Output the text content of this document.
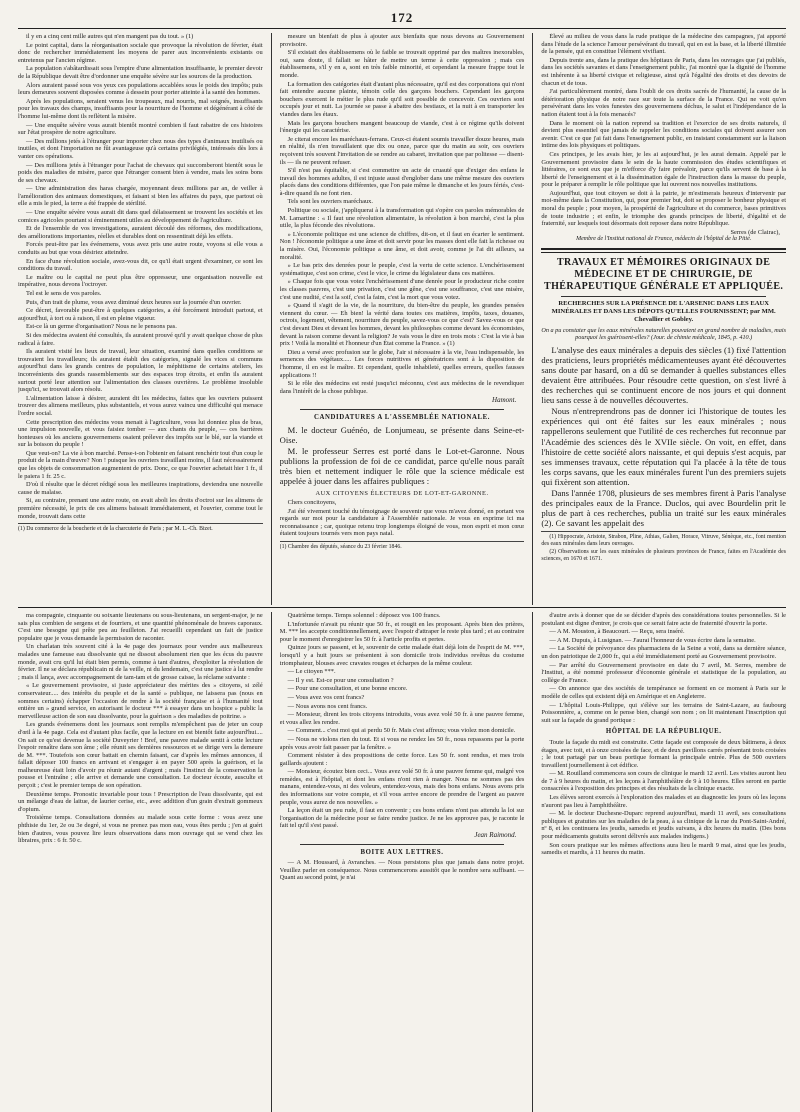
172

il y en a cinq cent mille autres qui n'en mangent pas du tout. » (1)

Le point capital, dans la réorganisation sociale que provoque la révolution de février, était donc de rechercher immédiatement les moyens de parer aux inconvénients existants ou entretenus par l'ancien régime.

La population s'abâtardissait sous l'empire d'une alimentation insuffisante, le premier devoir de la République devait être d'ordonner une enquête sévère sur les sources de la production.

Alors auraient passé sous vos yeux ces populations accablées sous le poids des impôts; puis leurs demeures souvent disposées comme à dessein pour porter atteinte à la santé des hommes.

Après les populations, seraient venus les troupeaux, mal nourris, mal soignés, insuffisants pour les travaux des champs, insuffisants pour la nourriture de l'homme et dégénérant à côté de l'homme lui-même dont ils reflètent la misère.

— Une enquête sévère vous aurait bientôt montré combien il faut rabattre de ces histoires sur l'état prospère de notre agriculture.

— Des millions jetés à l'étranger pour importer chez nous des types d'animaux inutilisés ou inutiles, et dont l'importation ne fût avantageuse qu'à certains privilégiés, intéressés dès lors à vanter ces opérations.

— Des millions jetés à l'étranger pour l'achat de chevaux qui succomberont bientôt sous le poids des maladies de misère, parce que l'étranger consent bien à vendre, mais les soins bons de ses chevaux.

— Une administration des haras chargée, moyennant deux millions par an, de veiller à l'amélioration des animaux domestiques, et faisant si bien les affaires du pays, que partout où elle a mis le pied, la terre a été frappée de stérilité.

— Une enquête sévère vous aurait dit dans quel délaissement se trouvent les sociétés et les comices agricoles pourtant si éminemment utiles au développement de l'agriculture.

Et de l'ensemble de vos investigations, auraient découlé des réformes, des modifications, des améliorations importantes, réelles et durables dont on ressentirait déjà les effets.

Forcés peut-être par les événemens, vous avez pris une autre route, voyons si elle vous a conduits au but que vous désiriez atteindre.

En face d'une révolution sociale, avez-vous dit, ce qu'il était urgent d'examiner, ce sont les conditions du travail.

Le maître ou le capital ne peut plus être oppresseur, une organisation nouvelle est impérative, nous devons l'octroyer.

Tel est le sens de vos paroles.

Puis, d'un trait de plume, vous avez diminué deux heures sur la journée d'un ouvrier.

Ce décret, favorable peut-être à quelques catégories, a été forcément introduit partout, et aujourd'hui, à tort ou à raison, il est en pleine vigueur.

Est-ce là un germe d'organisation? Nous ne le pensons pas.

Si des médecins avaient été consultés, ils auraient prouvé qu'il y avait quelque chose de plus radical à faire.

Ils auraient visité les lieux de travail, leur situation, examiné dans quelles conditions se trouvaient les travailleurs; ils auraient établi des catégories, signalé les vices si communs aujourd'hui dans les grands centres de population, le méphitisme de certains ateliers, les inconvénients des grands rassemblements sur des espaces trop étroits, et enfin ils auraient surtout porté leur attention sur l'alimentation des classes ouvrières. Le problème insoluble jusqu'ici, se trouvait alors résolu.

L'alimentation laisse à désirer, auraient dit les médecins, faites que les ouvriers puissent trouver des alimens meilleurs, plus substantiels, et vous aurez vaincu une difficulté qui menace l'ordre social.

Cette prescription des médecins vous menait à l'agriculture, vous lui donniez plus de bras, une impulsion nouvelle, et vous faisiez tomber — aux chants du peuple, — ces barrières honteuses où les anciens gouvernemens osaient prélever des impôts sur le blé, sur la viande et sur la boisson du peuple !

Que veut-on? La vie à bon marché. Pense-t-on l'obtenir en faisant renchérir tout d'un coup le produit de la main d'œuvre? Non ! puisque les ouvriers travaillant moins, il faut nécessairement que les objets de consommation augmentent de prix. Donc, ce que l'ouvrier achetait hier 1 fr., il le paiera 1 fr. 25 c.

D'où il résulte que le décret rédigé sous les meilleures inspirations, deviendra une nouvelle cause de malaise.

Si, au contraire, prenant une autre route, on avait aboli les droits d'octroi sur les alimens de première nécessité, le prix de ces alimens baissait immédiatement, et l'ouvrier, comme tout le monde, trouvait dans cette

(1) Du commerce de la boucherie et de la charcuterie de Paris ; par M. L.-Ch. Bizet.

mesure un bienfait de plus à ajouter aux bienfaits que nous devons au Gouvernement provisoire.

S'il existait des établissemens où le faible se trouvait opprimé par des maîtres inexorables, oui, sans doute, il fallait se hâter de mettre un terme à cette oppression ; mais ces établissemens, s'il y en a, sont en très faible minorité, et cependant la mesure frappe tout le monde.

La formation des catégories était d'autant plus nécessaire, qu'il est des corporations qui n'ont fait entendre aucune plainte, témoin celle des garçons bouchers. Cependant les garçons bouchers exercent le métier le plus rude qu'il soit possible de concevoir. Ces ouvriers sont occupés jour et nuit. La journée se passe à abattre des bestiaux, et la nuit à en transporter les viandes dans les étaux.

Mais les garçons bouchers mangent beaucoup de viande, c'est à ce régime qu'ils doivent l'énergie qui les caractérise.

Je citerai encore les maréchaux-ferrans. Ceux-ci étaient soumis travailler douze heures, mais en réalité, ils n'en travaillaient que dix ou onze, parce que du matin au soir, ces ouvriers reçoivent très souvent l'invitation de se rendre au cabaret, invitation que par politesse — disent-ils — ils ne peuvent refuser.

S'il n'est pas équitable, si c'est commettre un acte de cruauté que d'exiger des enfans le travail des hommes adultes, il est injuste aussi d'englober dans une même mesure des ouvriers placés dans des conditions différentes, que l'on paie même le dimanche et les jours fériés, c'est-à-dire quand ils ne font rien.

Tels sont les ouvriers maréchaux.

Politique ou sociale, j'appliquerai à la transformation qui s'opère ces paroles mémorables de M. Lamartine : « Il faut une révolution alimentaire, la révolution à bon marché, c'est la plus utile, la plus féconde des révolutions.

» L'économie politique est une science de chiffres, dit-on, et il faut en écarter le sentiment. Non ! l'économie politique a une âme et doit servir pour les masses dont elle fait la richesse ou la misère. Oui, l'économie politique a une âme, et doit avoir, comme je l'ai dit ailleurs, sa moralité.

» Le bas prix des denrées pour le peuple, c'est la vertu de cette science. L'enchérissement systématique, c'est son crime, c'est le vice, le crime du législateur dans ces matières.

» Chaque fois que vous votez l'enchérissement d'une denrée pour le producteur riche contre les classes pauvres, c'est une privation, c'est une gêne, c'est une souffrance, c'est une misère, c'est une nudité, c'est la soif, c'est la faim, c'est la mort que vous votez.

» Quand il s'agit de la vie, de la nourriture, du bien-être du peuple, les grandes pensées viennent du cœur. — Eh bien! la vérité dans toutes ces matières, impôts, taxes, douanes, octrois, logement, vêtement, nourriture du peuple, savez-vous ce que c'est? Savez-vous ce que c'est devant Dieu et devant les hommes, devant les philosophes comme devant les économistes, devant la raison comme devant la religion? Je vais vous le dire en trois mots : C'est la vie à bas prix ! Voilà la moralité et l'honneur d'un État comme la France. » (1)

Dieu a versé avec profusion sur le globe, l'air si nécessaire à la vie, l'eau indispensable, les semences des végétaux..... Les forces nutritives et génératrices sont à la disposition de l'homme, il en est le maître. Et cependant, quelle inhabileté, quelles erreurs, quelles fausses applications !!

Si le rôle des médecins est resté jusqu'ici méconnu, c'est aux médecins de le revendiquer dans l'intérêt de la chose publique.

Hamont.
CANDIDATURES A L'ASSEMBLÉE NATIONALE.

M. le docteur Guénéo, de Lonjumeau, se présente dans Seine-et-Oise.

M. le professeur Serres est porté dans le Lot-et-Garonne. Nous publions la profession de foi de ce candidat, parce qu'elle nous paraît très bien et nettement indiquer le rôle que la science médicale est appelée à jouer dans les affaires publiques :

AUX CITOYENS ÉLECTEURS DE LOT-ET-GARONNE.

Chers concitoyens,

J'ai été vivement touché du témoignage de souvenir que vous m'avez donné, en portant vos regards sur moi pour la candidature à l'Assemblée nationale. Je vous en exprime ici ma reconnaissance ; car, quoique retenu trop longtemps éloigné de vous, mon esprit et mon cœur étaient toujours tournés vers mon pays natal.

(1) Chambre des députés, séance du 23 février 1846.

Élevé au milieu de vous dans la rude pratique de la médecine des campagnes, j'ai apporté dans l'étude de la science l'amour persévérant du travail, qui en est la base, et la liberté illimitée de la pensée, qui en constitue l'élément vivifiant.

Depuis trente ans, dans la pratique des hôpitaux de Paris, dans les ouvrages que j'ai publiés, dans les sociétés savantes et dans l'enseignement public, j'ai montré que la dignité de l'homme est inhérente à sa liberté civique et religieuse, ainsi qu'à l'égalité des droits et des devoirs de chacun et de tous.

J'ai particulièrement montré, dans l'oubli de ces droits sacrés de l'humanité, la cause de la détérioration physique de notre race sur toute la surface de la France. Qui ne voit qu'en persévérant dans les voies funestes des gouvernemens déchus, le salut et l'indépendance de la nation étaient tout à la fois menacés?

Dans le moment où la nation reprend sa tradition et l'exercice de ses droits naturels, il devient plus essentiel que jamais de rappeler les conditions sociales qui doivent assurer son avenir. C'est ce que j'ai fait dans l'enseignement public, en insistant constamment sur la liaison intime des lois physiques et politiques.

Ces principes, je les avais hier, je les ai aujourd'hui, je les aurai demain. Appelé par le Gouvernement provisoire dans le sein de la haute commission des études scientifiques et littéraires, ce sont eux que je m'efforce d'y faire prévaloir, parce qu'ils servent de base à la liberté de l'enseignement et à la dissémination égale de l'instruction dans la masse du peuple, pour le préparer à remplir le rôle politique que lui ouvrent nos nouvelles institutions.

Aujourd'hui, que tout citoyen se doit à la patrie, je m'estimerais heureux d'intervenir par moi-même dans la Constitution, qui, pour premier but, doit se proposer le bonheur physique et moral du peuple ; pour moyen, la prospérité de l'agriculture et du commerce, bases primitives de toute industrie ; et enfin, le triomphe des grands principes de liberté, d'égalité et de fraternité, sur lesquels tout désormais doit reposer dans notre République.

Serres (de Clairac),
Membre de l'Institut national de France, médecin de l'hôpital de la Pitié.
TRAVAUX ET MÉMOIRES ORIGINAUX DE MÉDECINE ET DE CHIRURGIE, DE THÉRAPEUTIQUE GÉNÉRALE ET APPLIQUÉE.
RECHERCHES SUR LA PRÉSENCE DE L'ARSENIC DANS LES EAUX MINÉRALES ET DANS LES DÉPOTS QU'ELLES FOURNISSENT; par MM. Chevallier et Gobley.
On a pu constater que les eaux minérales naturelles pouvaient en grand nombre de maladies, mais pourquoi les guérissent-elles? (Jour. de chimie médicale, 1845, p. 410.)

L'analyse des eaux minérales a depuis des siècles (1) fixé l'attention des praticiens, leurs propriétés médicamenteuses ayant été découvertes sans doute par hasard, on a dû se demander à quelles substances elles devaient être attribuées. Pour résoudre cette question, on s'est livré à des recherches qui se continuent encore de nos jours et qui donnent lieu sans cesse à de nouvelles découvertes.

Nous n'entreprendrons pas de donner ici l'historique de toutes les expériences qui ont été faites sur les eaux minérales ; nous rappellerons seulement que l'utilité de ces recherches fut reconnue par l'Académie des sciences dès le XVIIe siècle. On voit, en effet, dans l'histoire de cette société alors naissante, et qui depuis s'est acquis, par ses immenses travaux, cette réputation qui l'a placée à la tête de tous les corps savans, que les eaux minérales furent l'un des premiers sujets qui fixèrent son attention.

Dans l'année 1708, plusieurs de ses membres firent à Paris l'analyse des principales eaux de la France. Duclos, qui avec Bourdelin prit le plus de part à ces recherches, publia un traité sur les eaux minérales (2). Ce savant les appelait des

(1) Hippocrate, Aristote, Strabon, Pline, Athias, Galien, Horace, Vitruve, Sénèque, etc., font mention des eaux minérales dans leurs ouvrages.

(2) Observations sur les eaux minérales de plusieurs provinces de France, faites en l'Académie des sciences, en 1670 et 1671.

ma compagnie, cinquante ou soixante lieutenans ou sous-lieutenans, un sergent-major, je ne sais plus combien de sergens et de fourriers, et une quantité phénoménale de braves caporaux. C'est une besogne qui prête peu au feuilleton. J'ai recueilli cependant un fait de justice populaire que je vous demande la permission de raconter.

Un charlatan très souvent cité à la 4e page des journaux pour vendre aux malheureux malades une fameuse eau dissolvante qui ne dissout absolument rien que les écus du pauvre monde, avait cru qu'il lui était bien permis, comme à tant d'autres, d'exploiter la révolution de février. Il ne se déclara républicain ni de la veille, ni du lendemain, c'est une justice à lui rendre ; mais il lança, avec accompagnement de tam-tam et de grosse caisse, la réclame suivante :

« Le gouvernement provisoire, si juste appréciateur des mérites des » citoyens, si zélé conservateur..... des intérêts du peuple et de la santé » publique, ne laissera pas (nous en sommes certains) échapper l'occasion de rendre à la société française et à l'humanité tout entière un » grand service, en autorisant le docteur *** à essayer dans un hospice » public la merveilleuse action de son eau dissolvante, pour la guérison » des maladies de poitrine. »

Les grands événemens dont les journaux sont remplis m'empêchent pas de jeter un coup d'œil à la 4e page. Cela est d'autant plus facile, que la lecture en est bientôt faite aujourd'hui.... On sait ce qu'est devenue la société Duveyrier ! Bref, une pauvre malade sentit à cette lecture l'espoir renaître dans son âme ; elle réunit ses dernières ressources et se dirige vers la demeure de M. ***. Toutefois son cœur battait en chemin faisant, car d'après les mêmes annonces, il fallait déposer 100 francs en arrivant et s'engager à en payer 500 après la guérison, et la malheureuse était loin d'avoir pu réunir autant d'argent ; mais l'instinct de la conservation la pousse et l'entraîne ; elle arrive et demande une consultation. Le docteur écoute, ausculte et perçoit ; c'est le premier temps de son opération.

Deuxième temps. Pronostic invariable pour tous ! Prescription de l'eau dissolvante, qui est un mélange d'eau de laitue, de laurier cerise, etc., avec addition d'un grain d'extrait gommeux d'opium.

Troisième temps. Consultations données au malade sous cette forme : vous avez une phthisie du 1er, 2e ou 3e degré, si vous ne prenez pas mon eau, vous êtes perdu ; j'en ai guéri bien d'autres, vous pouvez lire leurs observations dans mon ouvrage qui se vend chez les libraires, prix : 6 fr. 50 c.

Quatrième temps. Temps solennel : déposez vos 100 francs.

L'infortunée n'avait pu réunir que 50 fr., et rougit en les proposant. Après bien des prières, M. *** les accepte conditionnellement, avec l'espoir d'attraper le reste plus tard ; et au contraire pour le moment d'enregistrer les 50 fr. à l'article profits et pertes.

Quinze jours se passent, et le, souvenir de cette malade était déjà loin de l'esprit de M. ***, lorsqu'il y a huit jours se présentent à son domicile trois individus revêtus du costume triomphateur, blouses avec cravates rouges et écharpes de la même couleur.

— Le citoyen ***.

— Il y est. Est-ce pour une consultation ?

— Pour une consultation, et une bonne encore.

— Vous avez vos cent francs?

— Nous avons nos cent francs.

— Monsieur, dirent les trois citoyens introduits, vous avez volé 50 fr. à une pauvre femme, et vous allez les rendre.

— Comment... c'est moi qui ai perdu 50 fr. Mais c'est affreux; vous violez mon domicile.

— Nous ne violons rien du tout. Et si vous ne rendez les 50 fr., nous repassons par la porte après vous avoir fait passer par la fenêtre. »

Comment résister à des propositions de cette force. Les 50 fr. sont rendus, et mes trois gaillards ajoutent :

— Monsieur, écoutez bien ceci... Vous avez volé 50 fr. à une pauvre femme qui, malgré vos remèdes, est à l'hôpital, et dont les enfans n'ont rien à manger. Nous ne sommes pas des manans, entendez-vous, ni des voleurs, entendez-vous, mais des bons enfans. Nous avons pris des informations sur votre compte, et s'il vous arrive encore de prendre de l'argent au pauvre peuple, vous aurez de nos nouvelles. »

La leçon était un peu rude, il faut en convenir ; ces bons enfans n'ont pas attendu la loi sur l'organisation de la médecine pour se faire rendre justice. Je ne les approuve pas, je raconte le fait tel qu'il s'est passé.

Jean Raimond.
BOITE AUX LETTRES.

— A M. Houssard, à Avranches. — Nous persistons plus que jamais dans notre projet. Veuillez parler en conséquence. Nous commencerons aussitôt que le nombre sera suffisant. — Quant au second point, je n'ai

d'autre avis à donner que de se décider d'après des considérations toutes personnelles. Si le postulant est digne d'entrer, je crois que ce serait faire acte de fraternité d'ouvrir la porte.

— A M. Mouston, à Beaucourt. — Reçu, sera inséré.

— A M. Dupuis, à Lusignan. — J'aurai l'honneur de vous écrire dans la semaine.

— La Société de prévoyance des pharmaciens de la Seine a voté, dans sa dernière séance, un don patriotique de 2,000 fr., qui a été immédiatement porté au Gouvernement provisoire.

— Par arrêté du Gouvernement provisoire en date du 7 avril, M. Serres, membre de l'Institut, a été nommé professeur d'économie générale et statistique de la population, au collège de France.

— On annonce que des sociétés de tempérance se forment en ce moment à Paris sur le modèle de celles qui existent déjà en Amérique et en Angleterre.

— L'hôpital Louis-Philippe, qui s'élève sur les terrains de Saint-Lazare, au faubourg Poissonnière, a, comme on le pense bien, changé son nom ; on lit maintenant l'inscription qui suit sur la façade du grand portique :

HÔPITAL DE LA RÉPUBLIQUE.

Toute la façade du midi est construite. Cette façade est composée de deux bâtimens, à deux étages, avec toit, et à onze croisées de face, et de deux pavillons carrés présentant trois croisées ; le tout partagé par un beau portique formant la principale entrée. Plus de 500 ouvriers travaillent journellement à cet édifice.

— M. Rouilland commencera son cours de clinique le mardi 12 avril. Les visites auront lieu de 7 à 9 heures du matin, et les leçons à l'amphithéâtre de 9 à 10 heures. Elles seront en partie consacrées à l'exposition des principes et des résultats de la clinique exacte.

Les élèves seront exercés à l'exploration des malades et au diagnostic les jours où les leçons n'auront pas lieu à l'amphithéâtre.

— M. le docteur Duchesne-Duparc reprend aujourd'hui, mardi 11 avril, ses consultations publiques et gratuites sur les maladies de la peau, à sa clinique de la rue du Pont-Saint-André, nº 8, et les continuera les jeudis, samedis et jeudis suivans, à dix heures du matin. (Des bons pour médicaments gratuits seront délivrés aux malades indigens.)

Son cours pratique sur les mêmes affections aura lieu le mardi 9 mai, ainsi que les jeudis, samedis et mardis, à 11 heures du matin.
